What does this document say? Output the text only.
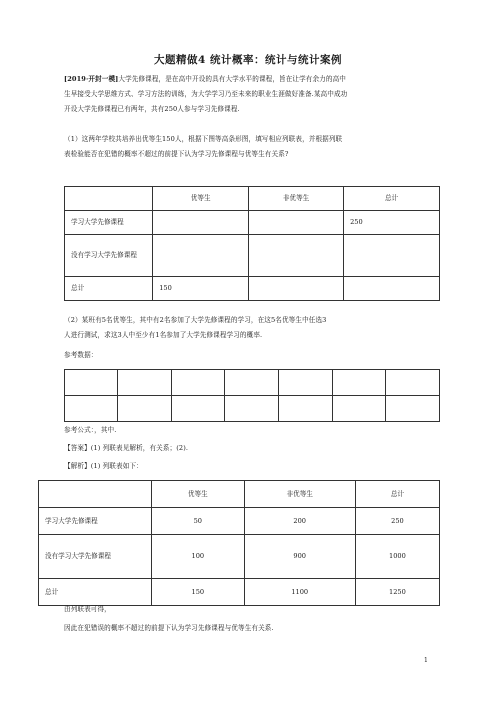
大题精做4 统计概率：统计与统计案例
[2019·开封一模]大学先修课程，是在高中开设的具有大学水平的课程，旨在让学有余力的高中
生早接受大学思维方式、学习方法的训练，为大学学习乃至未来的职业生涯做好准备.某高中成功
开设大学先修课程已有两年，共有250人参与学习先修课程.
（1）这两年学校共培养出优等生150人，根据下图等高条形图，填写相应列联表，并根据列联
表检验能否在犯错的概率不超过的前提下认为学习先修课程与优等生有关系?
	优等生	非优等生	总计
学习大学先修课程			250
没有学习大学先修课程			
总计	150		
（2）某班有5名优等生，其中有2名参加了大学先修课程的学习，在这5名优等生中任选3
人进行测试，求这3人中至少有1名参加了大学先修课程学习的概率.
参考数据：

参考公式：，其中.
【答案】(1) 列联表见解析，有关系；(2).
【解析】(1) 列联表如下：
	优等生	非优等生	总计
学习大学先修课程	50	200	250
没有学习大学先修课程	100	900	1000
总计	150	1100	1250
由列联表可得，
因此在犯错误的概率不超过的前提下认为学习先修课程与优等生有关系.
1
